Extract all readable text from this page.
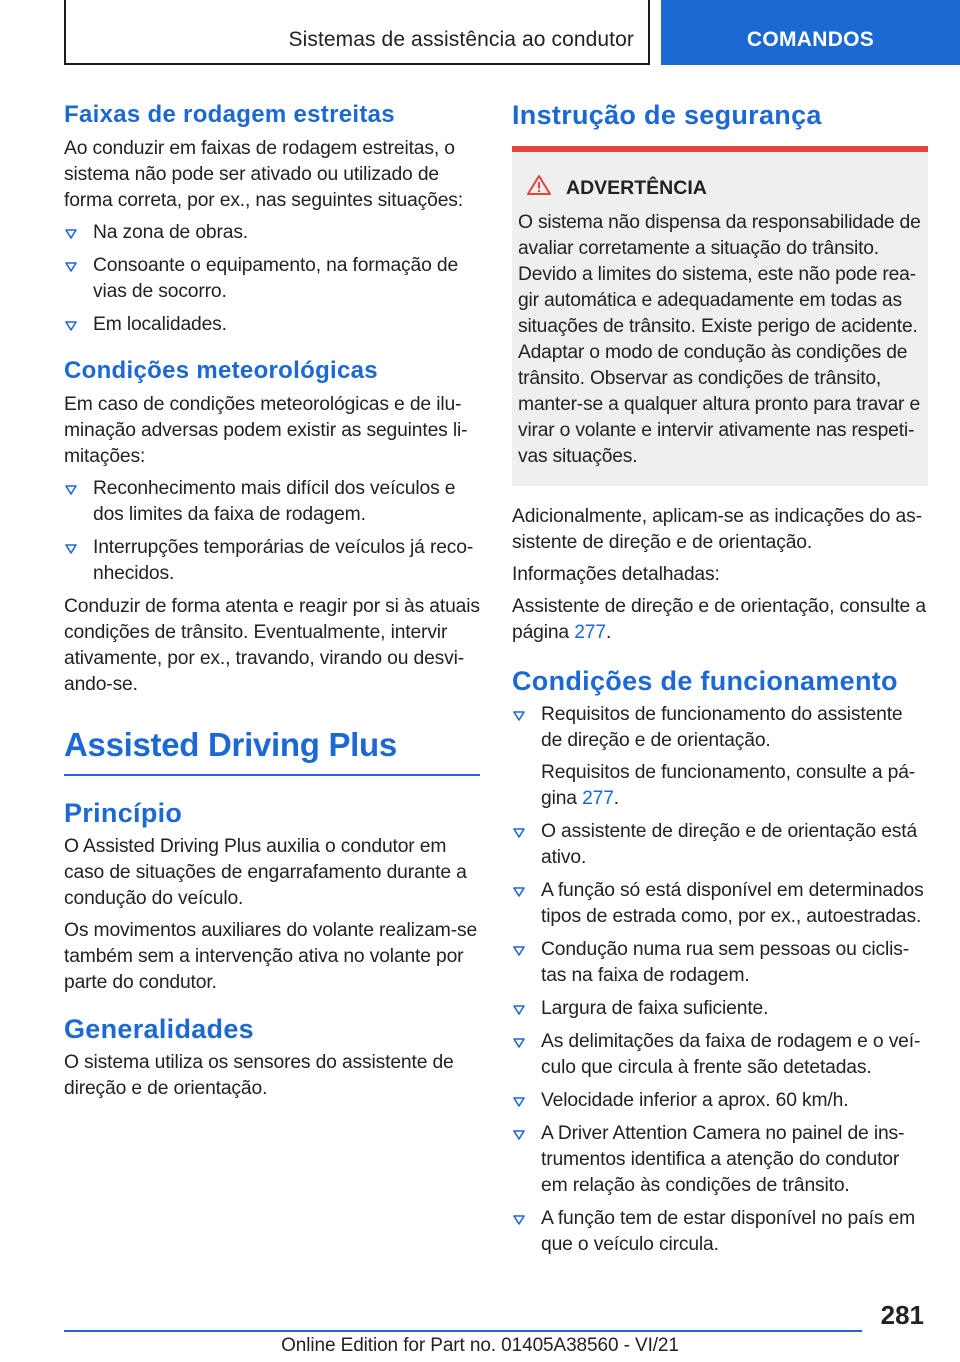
Sistemas de assistência ao condutor	COMANDOS
Faixas de rodagem estreitas

Ao conduzir em faixas de rodagem estreitas, o sistema não pode ser ativado ou utilizado de forma correta, por ex., nas seguintes situações:

Na zona de obras.
Consoante o equipamento, na formação de vias de socorro.
Em localidades.
Condições meteorológicas

Em caso de condições meteorológicas e de ilu-minação adversas podem existir as seguintes li-mitações:

Reconhecimento mais difícil dos veículos e dos limites da faixa de rodagem.
Interrupções temporárias de veículos já reco-nhecidos.

Conduzir de forma atenta e reagir por si às atuais condições de trânsito. Eventualmente, intervir ativamente, por ex., travando, virando ou desvi-ando-se.

Assisted Driving Plus
Princípio

O Assisted Driving Plus auxilia o condutor em caso de situações de engarrafamento durante a condução do veículo.

Os movimentos auxiliares do volante realizam-se também sem a intervenção ativa no volante por parte do condutor.

Generalidades

O sistema utiliza os sensores do assistente de direção e de orientação.

Instrução de segurança
ADVERTÊNCIA

O sistema não dispensa da responsabilidade de avaliar corretamente a situação do trânsito. Devido a limites do sistema, este não pode rea-gir automática e adequadamente em todas as situações de trânsito. Existe perigo de acidente. Adaptar o modo de condução às condições de trânsito. Observar as condições de trânsito, manter-se a qualquer altura pronto para travar e virar o volante e intervir ativamente nas respeti-vas situações.

Adicionalmente, aplicam-se as indicações do as-sistente de direção e de orientação.

Informações detalhadas:

Assistente de direção e de orientação, consulte a página 277.

Condições de funcionamento
Requisitos de funcionamento do assistente de direção e de orientação.
Requisitos de funcionamento, consulte a pá-gina 277.
O assistente de direção e de orientação está ativo.
A função só está disponível em determinados tipos de estrada como, por ex., autoestradas.
Condução numa rua sem pessoas ou ciclis-tas na faixa de rodagem.
Largura de faixa suficiente.
As delimitações da faixa de rodagem e o veí-culo que circula à frente são detetadas.
Velocidade inferior a aprox. 60 km/h.
A Driver Attention Camera no painel de ins-trumentos identifica a atenção do condutor em relação às condições de trânsito.
A função tem de estar disponível no país em que o veículo circula.
281
Online Edition for Part no. 01405A38560 - VI/21
